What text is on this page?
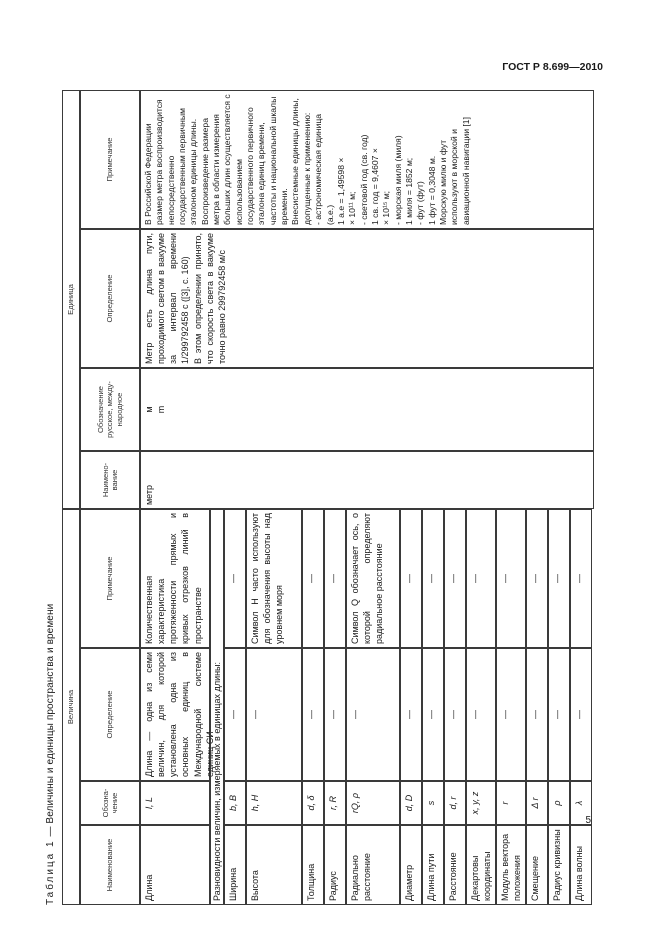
ГОСТ Р 8.699—2010
5
Таблица 1 — Величины и единицы пространства и времени	Величина
Единица
Наименование
Обозна-
чение
Определение
Примечание
Наимено-
вание
Обозначение
русское, между-
народное
Определение
Примечание
Длина
l, L
Длина — одна из семи величин, для которой установлена одна из основных единиц в Международной системе единиц СИ
Количественная характеристика протяженности прямых и кривых отрезков линий в пространстве
Разновидности величин, измеряемых в единицах длины: Ширина
b, B
—
—
Высота
h, H
—
Символ H часто используют для обозначения высоты над уровнем моря
Толщина
d, δ
—
—
Радиус
r, R
—
—
Радиально расстояние
rQ, ρ
—
Символ Q обозначает ось, о которой определяют радиальное расстояние
Диаметр
d, D
—
—
Длина пути
s
—
—
Расстояние
d, r
—
—
Декартовы координаты
x, y, z
—
—
Модуль вектора положения
r
—
—
Смещение
Δ r
—
—
Радиус кривизны
ρ
—
—
Длина волны
λ
—
—
метр
м
m
Метр есть длина пути, проходимого светом в вакууме за интервал времени 1/299792458 с ([3], с. 160)
В этом определении принято, что скорость света в вакууме точно равно 299792458 м/с
В Российской Федерации размер метра воспроизводится непосредственно государственным первичным эталоном единицы длины.
Воспроизведение размера метра в области измерения больших длин осуществляется с использованием государственного первичного эталона единиц времени, частоты и национальной шкалы времени.
Внесистемные единицы длины, допущенные к применению:
- астрономическая единица (а.е.)
1 а.е = 1,49598 ×
× 10¹¹ м;
- световой год (св. год)
1 св. год = 9,4607 ×
× 10¹⁵ м;
- морская миля (миля)
1 миля = 1852 м;
- фут (фут)
1 фут = 0,3048 м.
Морскую милю и фут используют в морской и авиационной навигации [1]
